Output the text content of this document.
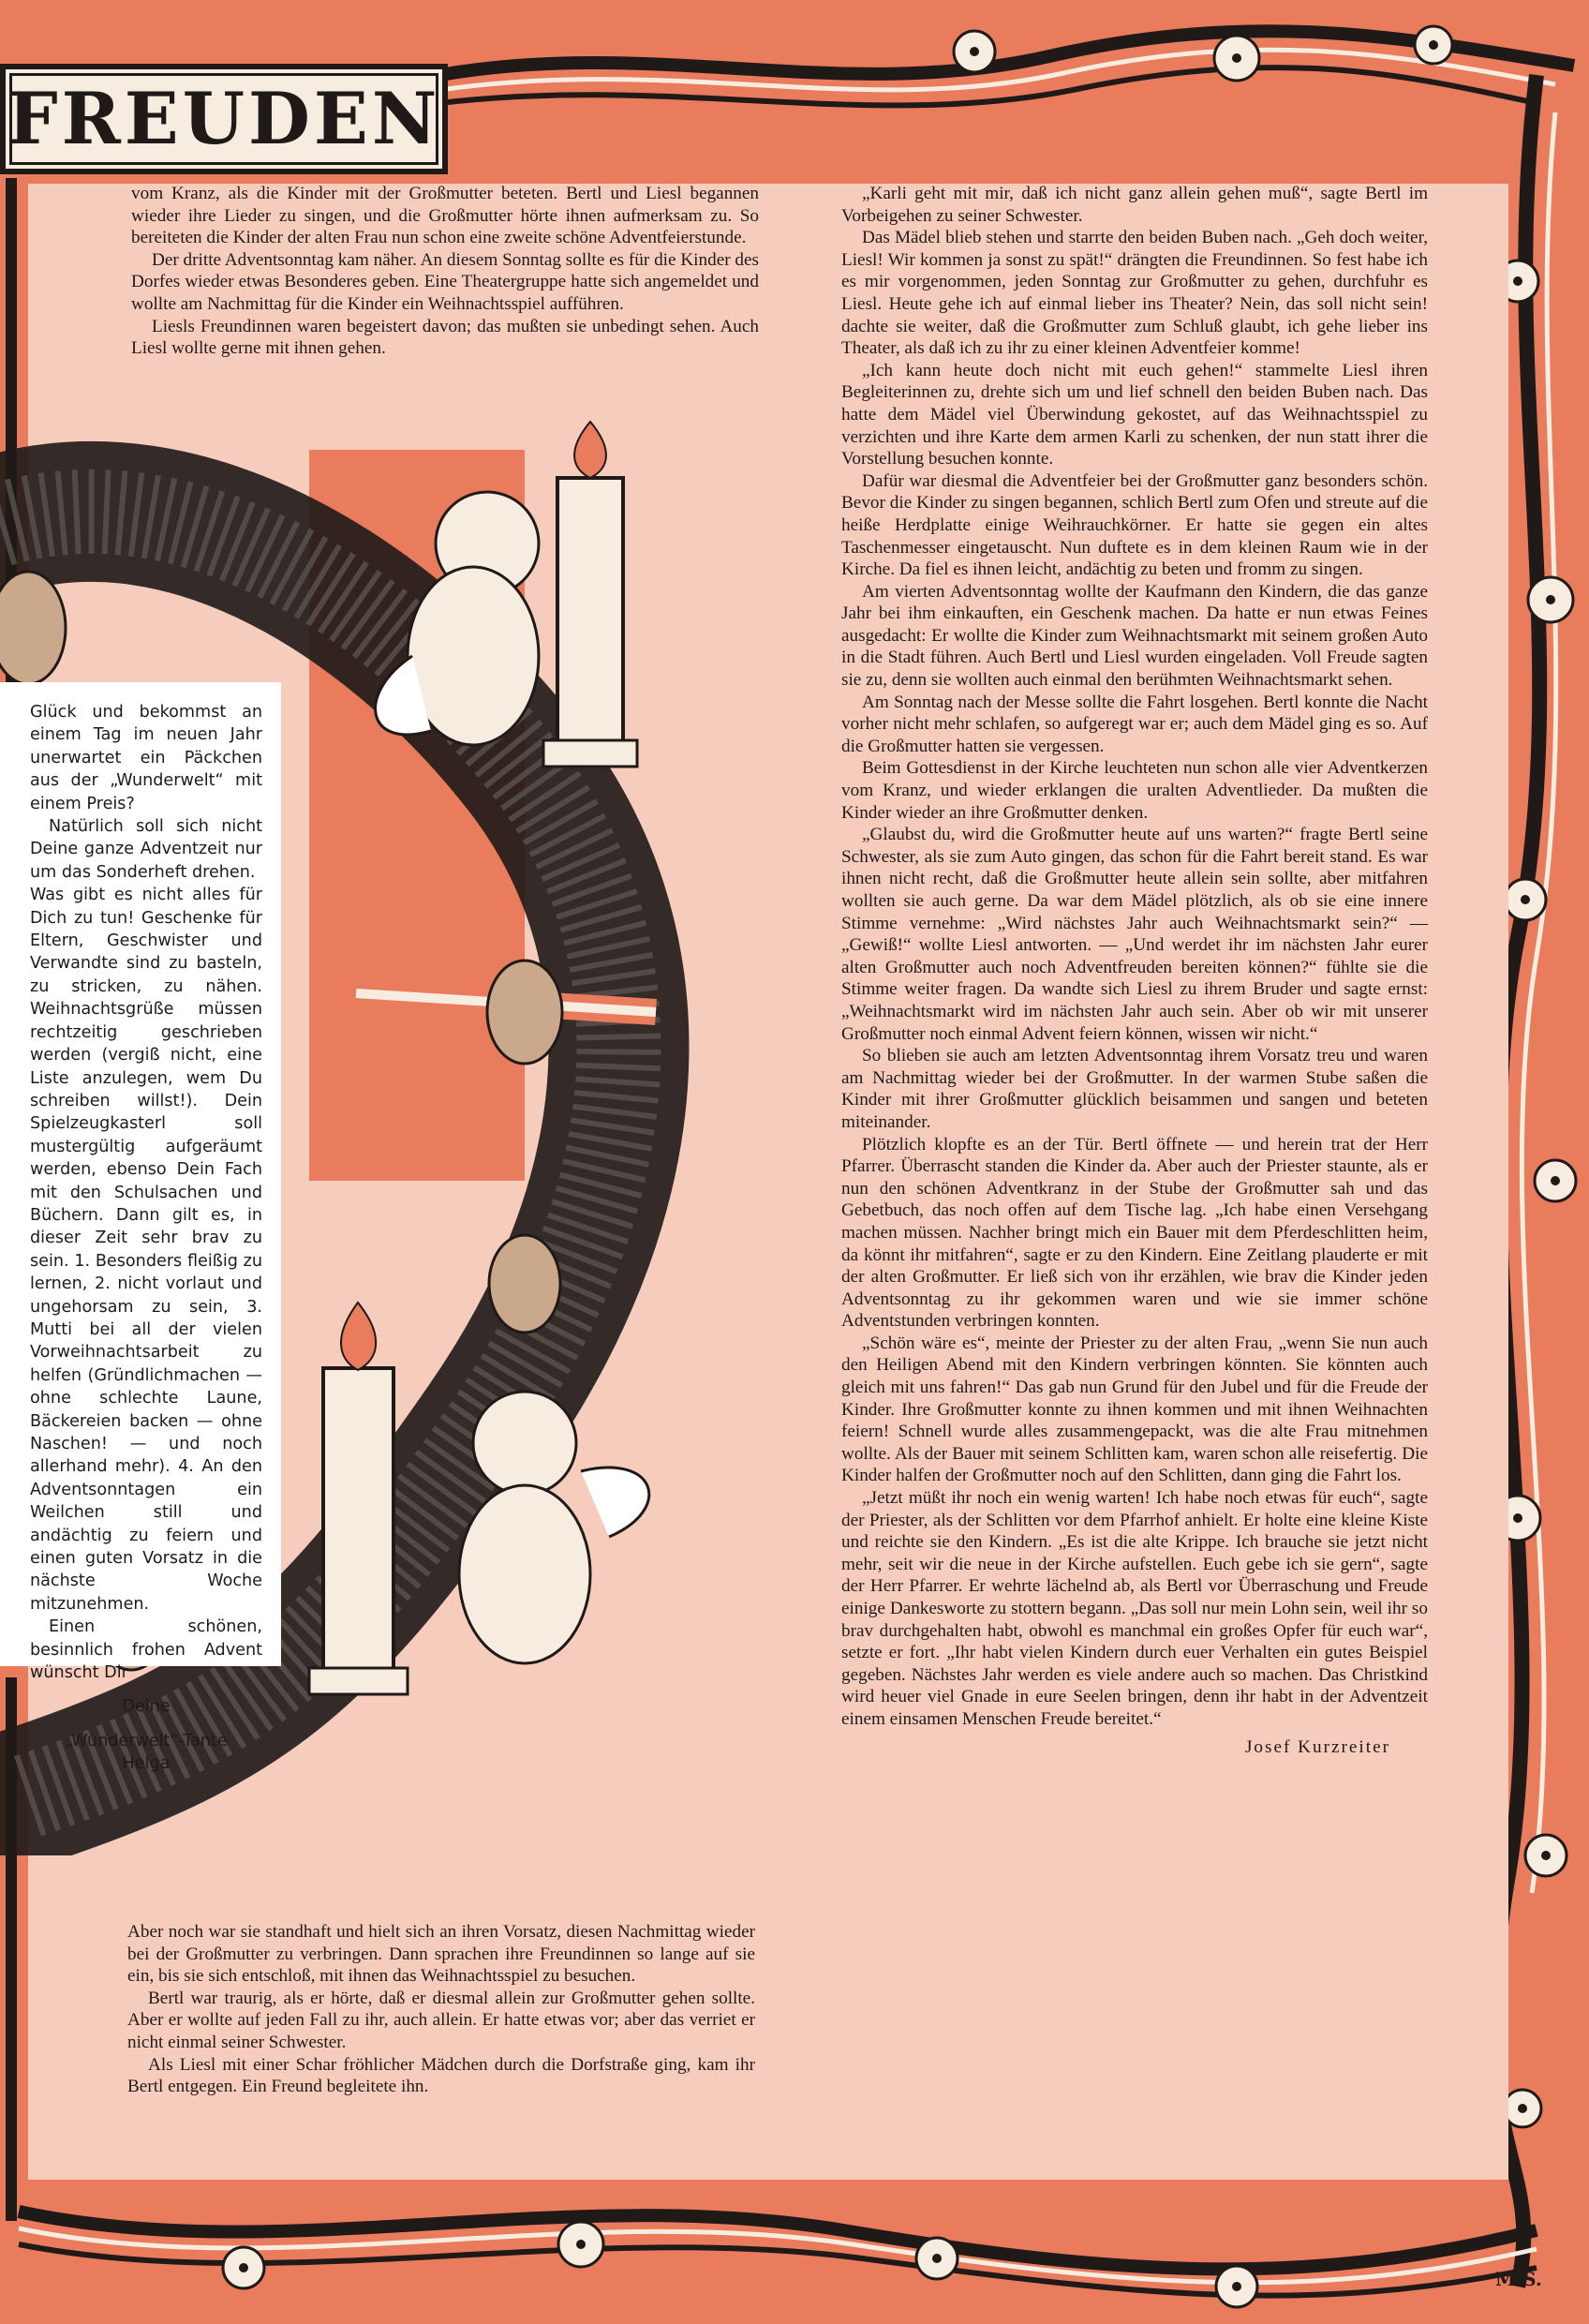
FREUDEN

vom Kranz, als die Kinder mit der Großmutter beteten. Bertl und Liesl begannen wieder ihre Lieder zu singen, und die Großmutter hörte ihnen aufmerksam zu. So bereiteten die Kinder der alten Frau nun schon eine zweite schöne Adventfeierstunde.

Der dritte Adventsonntag kam näher. An diesem Sonntag sollte es für die Kinder des Dorfes wieder etwas Besonderes geben. Eine Theatergruppe hatte sich angemeldet und wollte am Nachmittag für die Kinder ein Weihnachtsspiel aufführen.

Liesls Freundinnen waren begeistert davon; das mußten sie unbedingt sehen. Auch Liesl wollte gerne mit ihnen gehen.

Glück und bekommst an einem Tag im neuen Jahr unerwartet ein Päckchen aus der „Wunderwelt“ mit einem Preis?

Natürlich soll sich nicht Deine ganze Adventzeit nur um das Sonderheft drehen.

Was gibt es nicht alles für Dich zu tun! Geschenke für Eltern, Geschwister und Verwandte sind zu basteln, zu stricken, zu nähen. Weihnachtsgrüße müssen rechtzeitig geschrieben werden (vergiß nicht, eine Liste anzulegen, wem Du schreiben willst!). Dein Spielzeugkasterl soll mustergültig aufgeräumt werden, ebenso Dein Fach mit den Schulsachen und Büchern. Dann gilt es, in dieser Zeit sehr brav zu sein. 1. Besonders fleißig zu lernen, 2. nicht vorlaut und ungehorsam zu sein, 3. Mutti bei all der vielen Vorweihnachtsarbeit zu helfen (Gründlichmachen — ohne schlechte Laune, Bäckereien backen — ohne Naschen! — und noch allerhand mehr). 4. An den Adventsonntagen ein Weilchen still und andächtig zu feiern und einen guten Vorsatz in die nächste Woche mitzunehmen.

Einen schönen, besinnlich frohen Advent wünscht Dir

Deine

„Wunderwelt“-Tante
Helga

Aber noch war sie standhaft und hielt sich an ihren Vorsatz, diesen Nachmittag wieder bei der Großmutter zu verbringen. Dann sprachen ihre Freundinnen so lange auf sie ein, bis sie sich entschloß, mit ihnen das Weihnachtsspiel zu besuchen.

Bertl war traurig, als er hörte, daß er diesmal allein zur Großmutter gehen sollte. Aber er wollte auf jeden Fall zu ihr, auch allein. Er hatte etwas vor; aber das verriet er nicht einmal seiner Schwester.

Als Liesl mit einer Schar fröhlicher Mädchen durch die Dorfstraße ging, kam ihr Bertl entgegen. Ein Freund begleitete ihn.

„Karli geht mit mir, daß ich nicht ganz allein gehen muß“, sagte Bertl im Vorbeigehen zu seiner Schwester.

Das Mädel blieb stehen und starrte den beiden Buben nach. „Geh doch weiter, Liesl! Wir kommen ja sonst zu spät!“ drängten die Freundinnen. So fest habe ich es mir vorgenommen, jeden Sonntag zur Großmutter zu gehen, durchfuhr es Liesl. Heute gehe ich auf einmal lieber ins Theater? Nein, das soll nicht sein! dachte sie weiter, daß die Großmutter zum Schluß glaubt, ich gehe lieber ins Theater, als daß ich zu ihr zu einer kleinen Adventfeier komme!

„Ich kann heute doch nicht mit euch gehen!“ stammelte Liesl ihren Begleiterinnen zu, drehte sich um und lief schnell den beiden Buben nach. Das hatte dem Mädel viel Überwindung gekostet, auf das Weihnachtsspiel zu verzichten und ihre Karte dem armen Karli zu schenken, der nun statt ihrer die Vorstellung besuchen konnte.

Dafür war diesmal die Adventfeier bei der Großmutter ganz besonders schön. Bevor die Kinder zu singen begannen, schlich Bertl zum Ofen und streute auf die heiße Herdplatte einige Weihrauchkörner. Er hatte sie gegen ein altes Taschenmesser eingetauscht. Nun duftete es in dem kleinen Raum wie in der Kirche. Da fiel es ihnen leicht, andächtig zu beten und fromm zu singen.

Am vierten Adventsonntag wollte der Kaufmann den Kindern, die das ganze Jahr bei ihm einkauften, ein Geschenk machen. Da hatte er nun etwas Feines ausgedacht: Er wollte die Kinder zum Weihnachtsmarkt mit seinem großen Auto in die Stadt führen. Auch Bertl und Liesl wurden eingeladen. Voll Freude sagten sie zu, denn sie wollten auch einmal den berühmten Weihnachtsmarkt sehen.

Am Sonntag nach der Messe sollte die Fahrt losgehen. Bertl konnte die Nacht vorher nicht mehr schlafen, so aufgeregt war er; auch dem Mädel ging es so. Auf die Großmutter hatten sie vergessen.

Beim Gottesdienst in der Kirche leuchteten nun schon alle vier Adventkerzen vom Kranz, und wieder erklangen die uralten Adventlieder. Da mußten die Kinder wieder an ihre Großmutter denken.

„Glaubst du, wird die Großmutter heute auf uns warten?“ fragte Bertl seine Schwester, als sie zum Auto gingen, das schon für die Fahrt bereit stand. Es war ihnen nicht recht, daß die Großmutter heute allein sein sollte, aber mitfahren wollten sie auch gerne. Da war dem Mädel plötzlich, als ob sie eine innere Stimme vernehme: „Wird nächstes Jahr auch Weihnachtsmarkt sein?“ — „Gewiß!“ wollte Liesl antworten. — „Und werdet ihr im nächsten Jahr eurer alten Großmutter auch noch Adventfreuden bereiten können?“ fühlte sie die Stimme weiter fragen. Da wandte sich Liesl zu ihrem Bruder und sagte ernst: „Weihnachtsmarkt wird im nächsten Jahr auch sein. Aber ob wir mit unserer Großmutter noch einmal Advent feiern können, wissen wir nicht.“

So blieben sie auch am letzten Adventsonntag ihrem Vorsatz treu und waren am Nachmittag wieder bei der Großmutter. In der warmen Stube saßen die Kinder mit ihrer Großmutter glücklich beisammen und sangen und beteten miteinander.

Plötzlich klopfte es an der Tür. Bertl öffnete — und herein trat der Herr Pfarrer. Überrascht standen die Kinder da. Aber auch der Priester staunte, als er nun den schönen Adventkranz in der Stube der Großmutter sah und das Gebetbuch, das noch offen auf dem Tische lag. „Ich habe einen Versehgang machen müssen. Nachher bringt mich ein Bauer mit dem Pferdeschlitten heim, da könnt ihr mitfahren“, sagte er zu den Kindern. Eine Zeitlang plauderte er mit der alten Großmutter. Er ließ sich von ihr erzählen, wie brav die Kinder jeden Adventsonntag zu ihr gekommen waren und wie sie immer schöne Adventstunden verbringen konnten.

„Schön wäre es“, meinte der Priester zu der alten Frau, „wenn Sie nun auch den Heiligen Abend mit den Kindern verbringen könnten. Sie könnten auch gleich mit uns fahren!“ Das gab nun Grund für den Jubel und für die Freude der Kinder. Ihre Großmutter konnte zu ihnen kommen und mit ihnen Weihnachten feiern! Schnell wurde alles zusammengepackt, was die alte Frau mitnehmen wollte. Als der Bauer mit seinem Schlitten kam, waren schon alle reisefertig. Die Kinder halfen der Großmutter noch auf den Schlitten, dann ging die Fahrt los.

„Jetzt müßt ihr noch ein wenig warten! Ich habe noch etwas für euch“, sagte der Priester, als der Schlitten vor dem Pfarrhof anhielt. Er holte eine kleine Kiste und reichte sie den Kindern. „Es ist die alte Krippe. Ich brauche sie jetzt nicht mehr, seit wir die neue in der Kirche aufstellen. Euch gebe ich sie gern“, sagte der Herr Pfarrer. Er wehrte lächelnd ab, als Bertl vor Überraschung und Freude einige Dankesworte zu stottern begann. „Das soll nur mein Lohn sein, weil ihr so brav durchgehalten habt, obwohl es manchmal ein großes Opfer für euch war“, setzte er fort. „Ihr habt vielen Kindern durch euer Verhalten ein gutes Beispiel gegeben. Nächstes Jahr werden es viele andere auch so machen. Das Christkind wird heuer viel Gnade in eure Seelen bringen, denn ihr habt in der Adventzeit einem einsamen Menschen Freude bereitet.“

Josef Kurzreiter
M.S.
